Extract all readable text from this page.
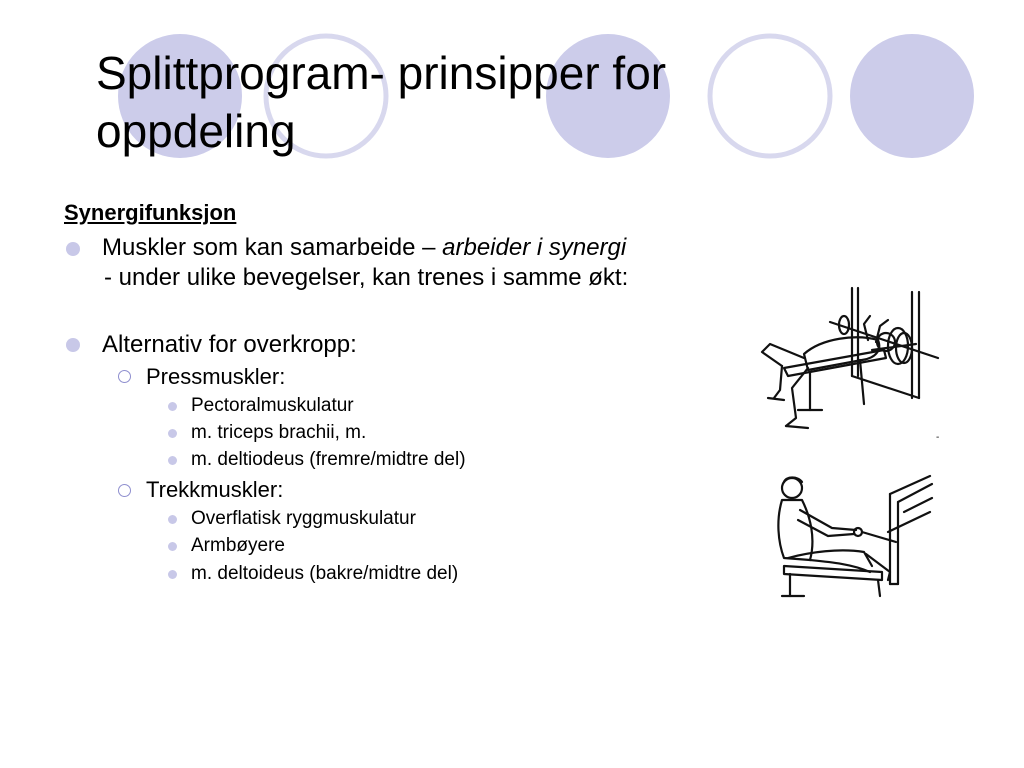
Splittprogram- prinsipper for oppdeling
Synergifunksjon
Muskler som kan samarbeide – arbeider i synergi
- under ulike bevegelser, kan trenes i samme økt:
Alternativ for overkropp:
Pressmuskler:
Pectoralmuskulatur
m. triceps brachii, m.
m. deltiodeus (fremre/midtre del)
Trekkmuskler:
Overflatisk ryggmuskulatur
Armbøyere
m. deltoideus (bakre/midtre del)
-
